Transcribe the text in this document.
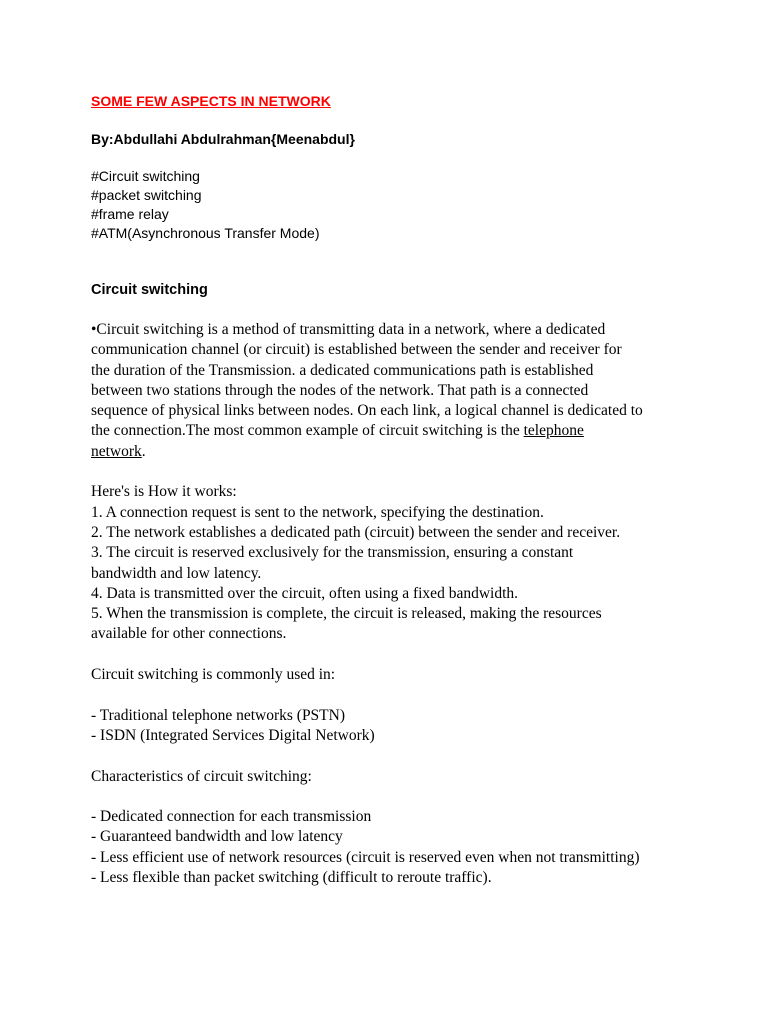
SOME FEW ASPECTS IN NETWORK
By:Abdullahi Abdulrahman{Meenabdul}
#Circuit switching
#packet switching
#frame relay
#ATM(Asynchronous Transfer Mode)
Circuit switching
•Circuit switching is a method of transmitting data in a network, where a dedicated
communication channel (or circuit) is established between the sender and receiver for
the duration of the Transmission. a dedicated communications path is established
between two stations through the nodes of the network. That path is a connected
sequence of physical links between nodes. On each link, a logical channel is dedicated to
the connection.The most common example of circuit switching is the telephone
network.
Here's is How it works:
1. A connection request is sent to the network, specifying the destination.
2. The network establishes a dedicated path (circuit) between the sender and receiver.
3. The circuit is reserved exclusively for the transmission, ensuring a constant
bandwidth and low latency.
4. Data is transmitted over the circuit, often using a fixed bandwidth.
5. When the transmission is complete, the circuit is released, making the resources
available for other connections.
Circuit switching is commonly used in:
- Traditional telephone networks (PSTN)
- ISDN (Integrated Services Digital Network)
Characteristics of circuit switching:
- Dedicated connection for each transmission
- Guaranteed bandwidth and low latency
- Less efficient use of network resources (circuit is reserved even when not transmitting)
- Less flexible than packet switching (difficult to reroute traffic).
